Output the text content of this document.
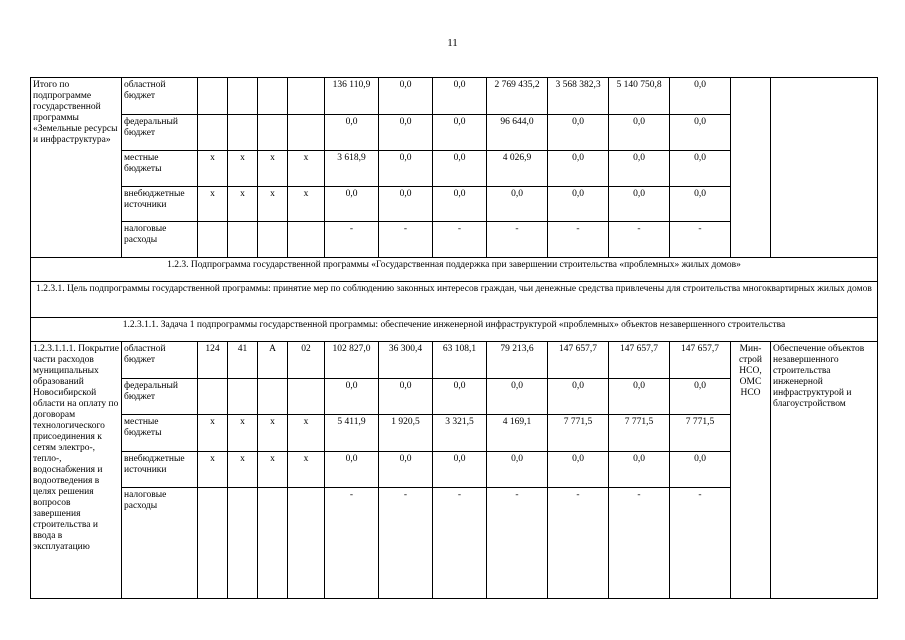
11
Итого по подпрограмме государственной программы «Земельные ресурсы и инфраструктура»	областной бюджет					136 110,9	0,0	0,0	2 769 435,2	3 568 382,3	5 140 750,8	0,0		
	федеральный бюджет					0,0	0,0	0,0	96 644,0	0,0	0,0	0,0		
	местные бюджеты	х	х	х	х	3 618,9	0,0	0,0	4 026,9	0,0	0,0	0,0		
	внебюджетные источники	х	х	х	х	0,0	0,0	0,0	0,0	0,0	0,0	0,0		
	налоговые расходы					-	-	-	-	-	-	-		
1.2.3. Подпрограмма государственной программы «Государственная поддержка при завершении строительства «проблемных» жилых домов»														
1.2.3.1. Цель подпрограммы государственной программы: принятие мер по соблюдению законных интересов граждан, чьи денежные средства привлечены для строительства многоквартирных жилых домов														
1.2.3.1.1. Задача 1 подпрограммы государственной программы: обеспечение инженерной инфраструктурой «проблемных» объектов незавершенного строительства														
1.2.3.1.1.1. Покрытие части расходов муниципальных образований Новосибирской области на оплату по договорам технологического присоединения к сетям электро-, тепло-, водоснабжения и водоотведения в целях решения вопросов завершения строительства и ввода в эксплуатацию	областной бюджет	124	41	А	02	102 827,0	36 300,4	63 108,1	79 213,6	147 657,7	147 657,7	147 657,7	Мин-строй НСО, ОМС НСО	Обеспечение объектов незавершенного строительства инженерной инфраструктурой и благоустройством
	федеральный бюджет					0,0	0,0	0,0	0,0	0,0	0,0	0,0		
	местные бюджеты	х	х	х	х	5 411,9	1 920,5	3 321,5	4 169,1	7 771,5	7 771,5	7 771,5		
	внебюджетные источники	х	х	х	х	0,0	0,0	0,0	0,0	0,0	0,0	0,0		
	налоговые расходы					-	-	-	-	-	-	-		
